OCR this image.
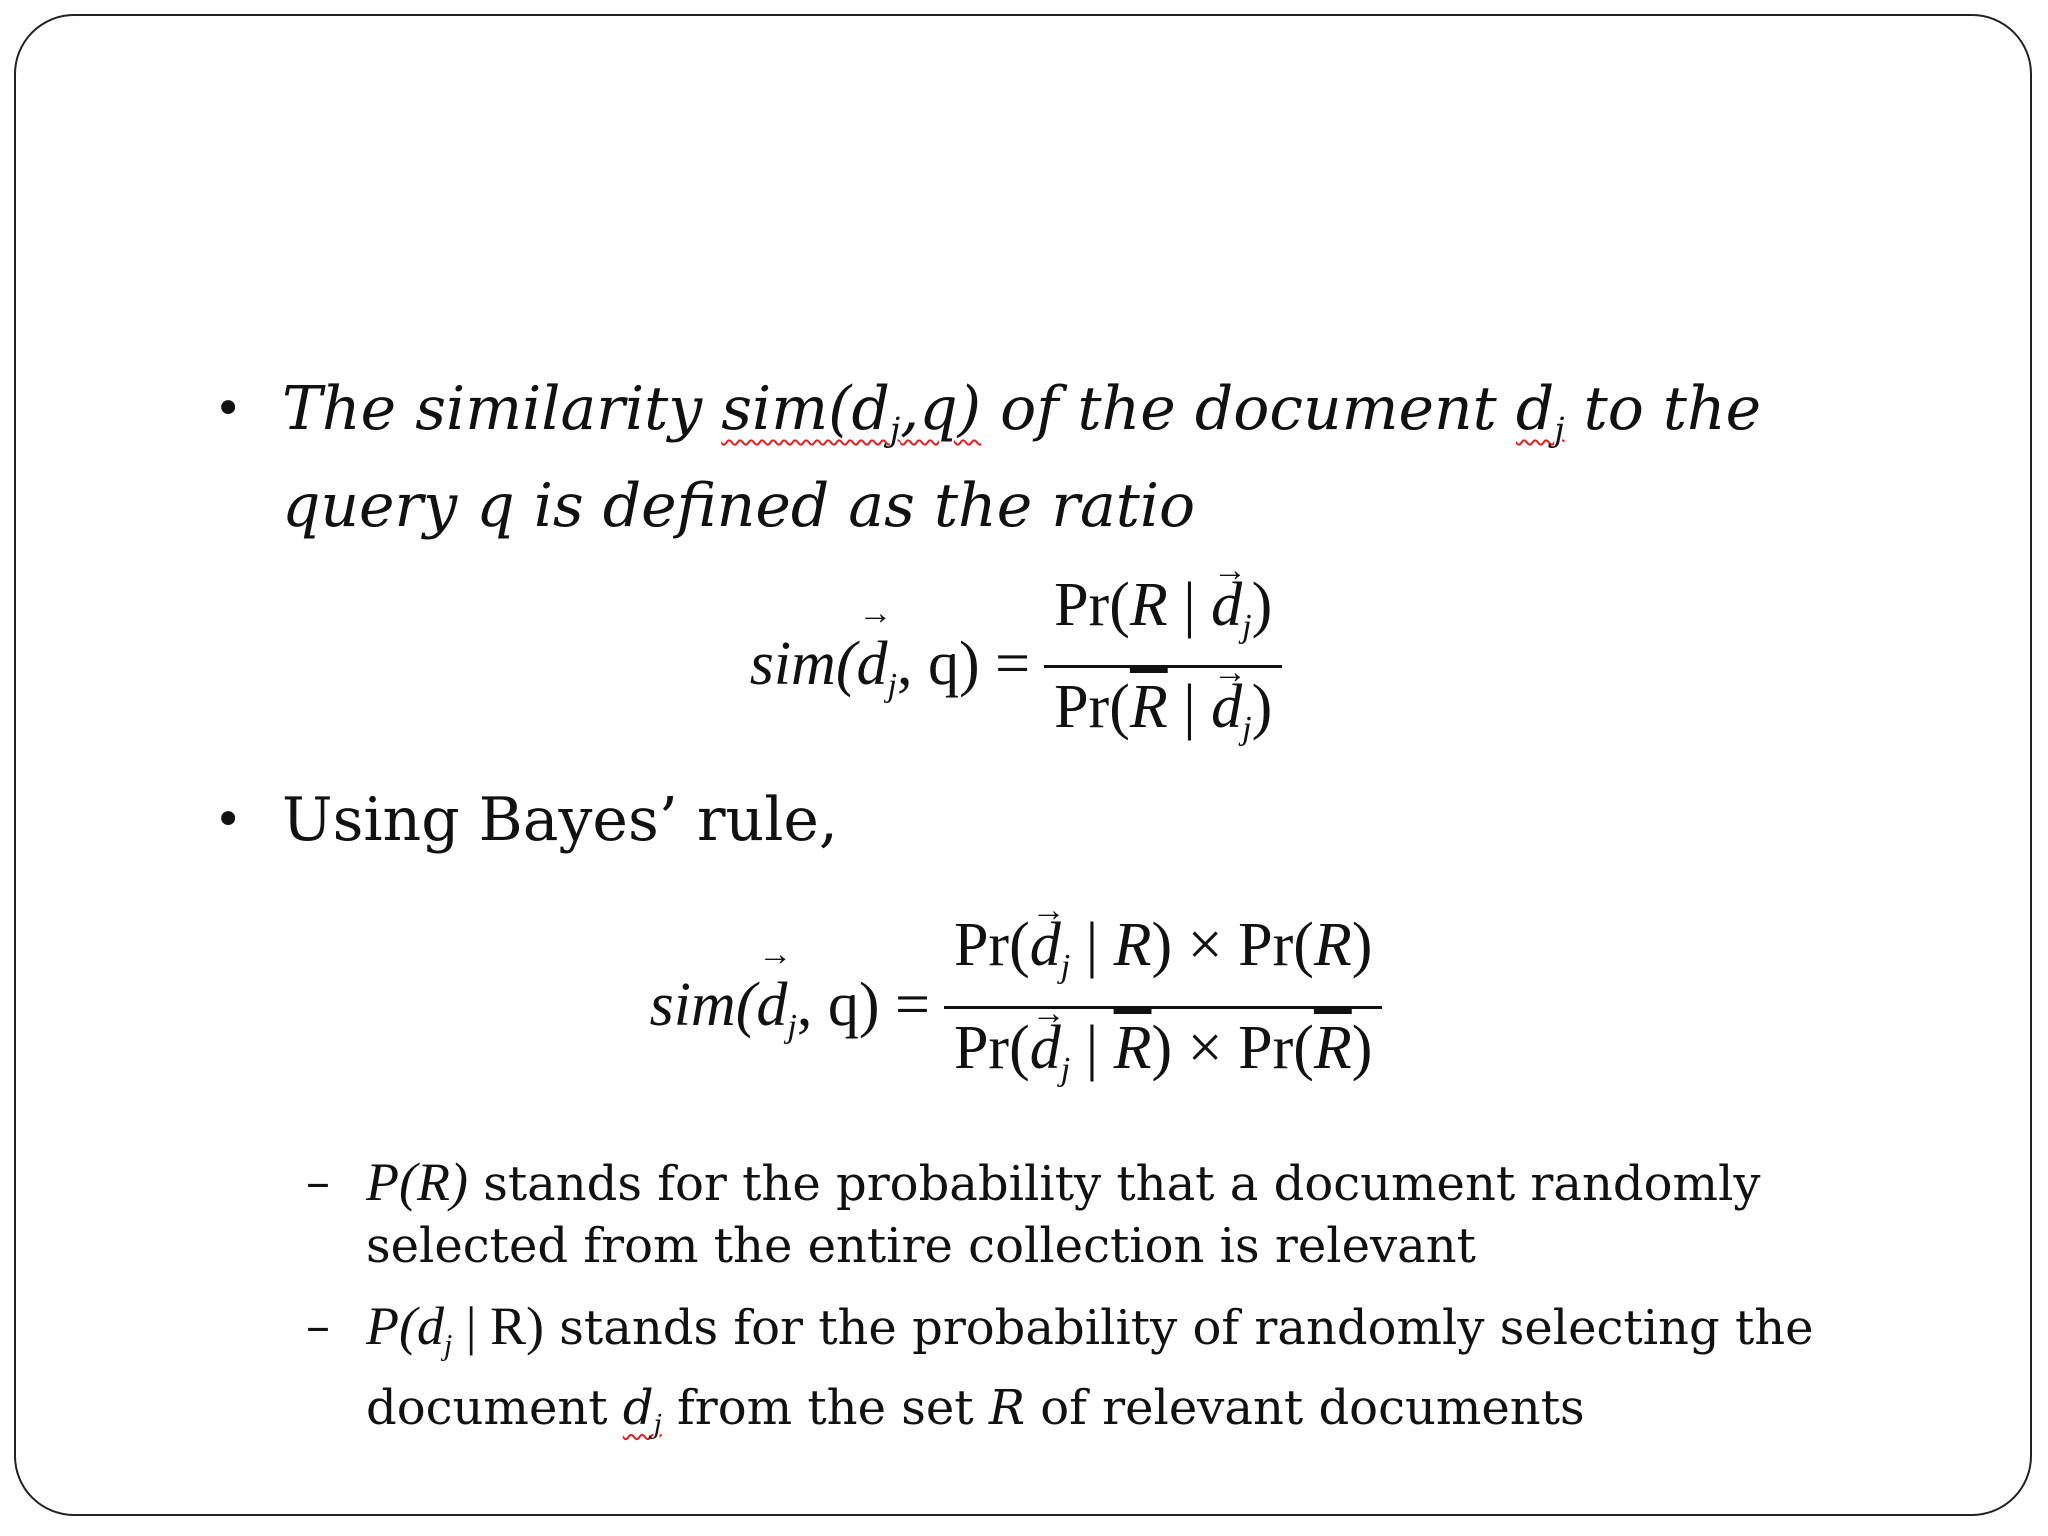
• The similarity sim(dj,q) of the document dj to the query q is defined as the ratio
sim(→ dj, $q) = \frac{Pr(R | \to dj)}{Pr(\overline{R} | \to dj)}$
• Using Bayes’ rule,
sim(→ dj, $q) = \frac{Pr(\to dj | R) \times Pr(R)}{Pr(\to dj | \overline{R}) \times Pr(\overline{R})}$
– P(R) stands for the probability that a document randomly selected from the entire collection is relevant
– P(dj | R) stands for the probability of randomly selecting the document dj from the set R of relevant documents
